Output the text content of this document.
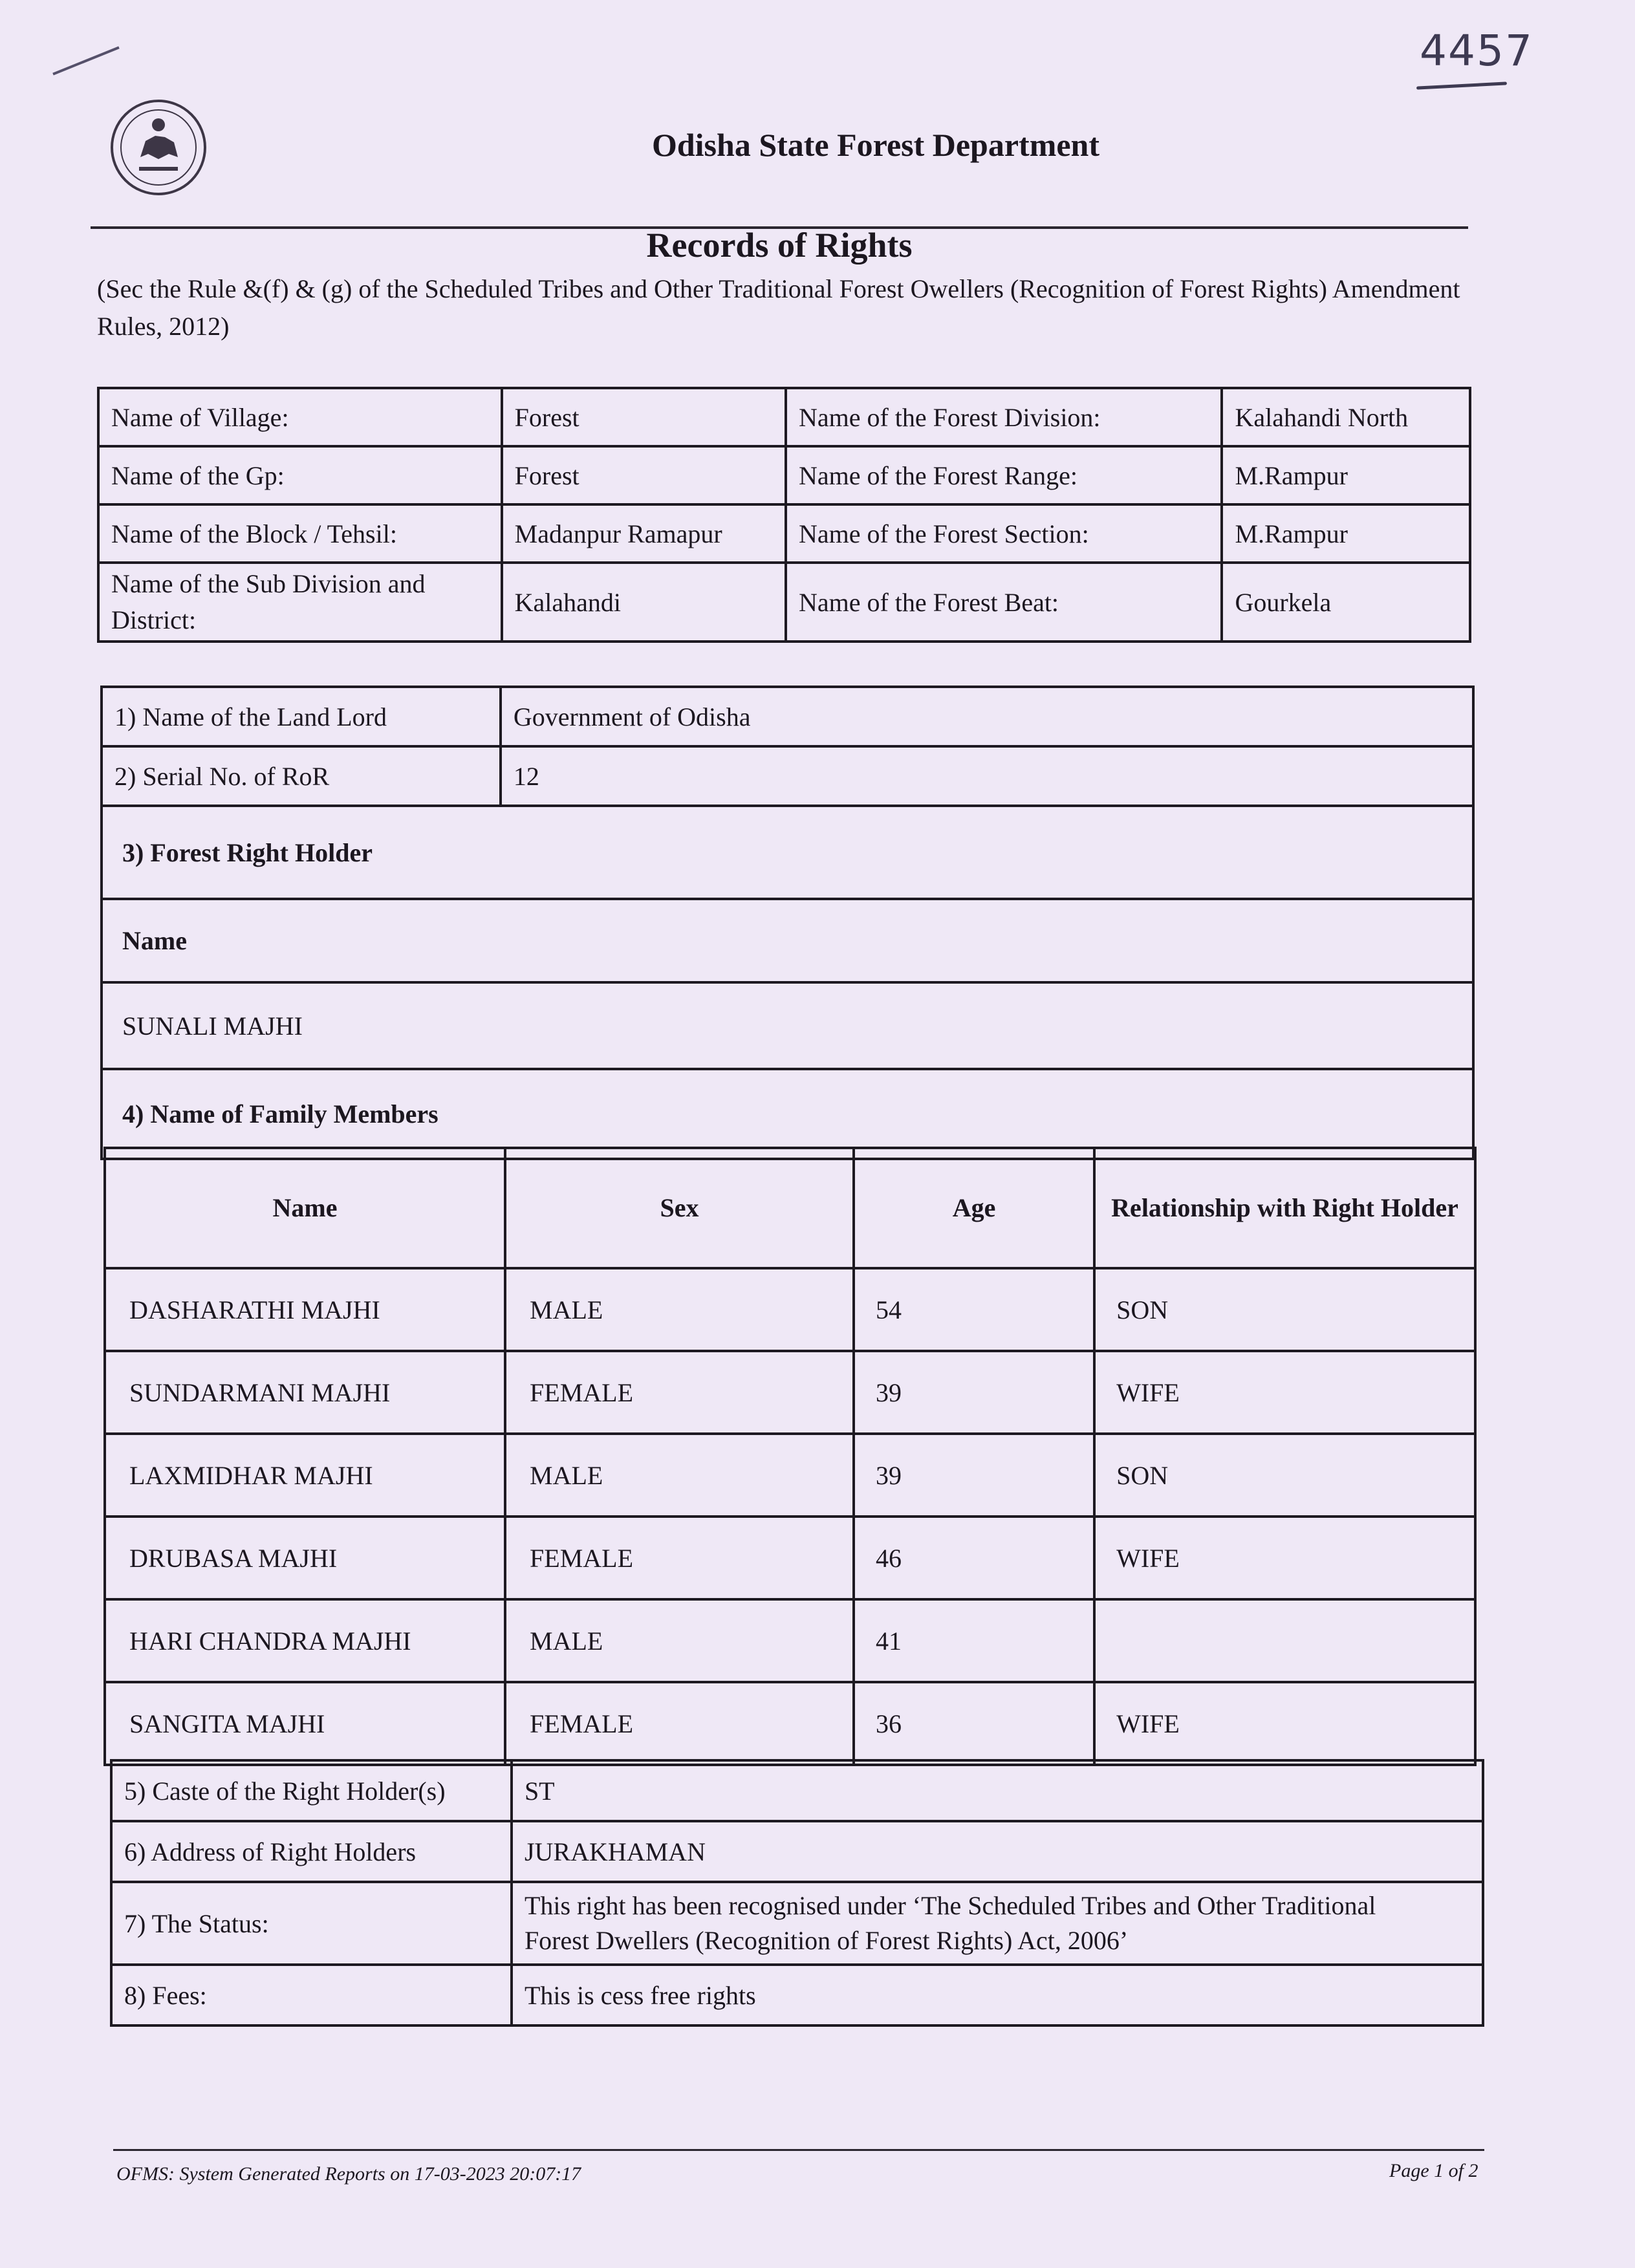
4457
Odisha State Forest Department
Records of Rights
(Sec the Rule &(f) & (g) of the Scheduled Tribes and Other Traditional Forest Owellers (Recognition of Forest Rights) Amendment Rules, 2012)
Name of Village:	Forest	Name of the Forest Division:	Kalahandi North
Name of the Gp:	Forest	Name of the Forest Range:	M.Rampur
Name of the Block / Tehsil:	Madanpur Ramapur	Name of the Forest Section:	M.Rampur
Name of the Sub Division and District:	Kalahandi	Name of the Forest Beat:	Gourkela
1) Name of the Land Lord	Government of Odisha
2) Serial No. of RoR	12
3) Forest Right Holder	
Name	
SUNALI MAJHI	
4) Name of Family Members	
Name	Sex	Age	Relationship with Right Holder
DASHARATHI MAJHI	MALE	54	SON
SUNDARMANI MAJHI	FEMALE	39	WIFE
LAXMIDHAR MAJHI	MALE	39	SON
DRUBASA MAJHI	FEMALE	46	WIFE
HARI CHANDRA MAJHI	MALE	41	
SANGITA MAJHI	FEMALE	36	WIFE
5) Caste of the Right Holder(s)	ST
6) Address of Right Holders	JURAKHAMAN
7) The Status:	This right has been recognised under ‘The Scheduled Tribes and Other Traditional
Forest Dwellers (Recognition of Forest Rights) Act, 2006’

8) Fees:	This is cess free rights
OFMS: System Generated Reports on 17-03-2023 20:07:17	Page 1 of 2
